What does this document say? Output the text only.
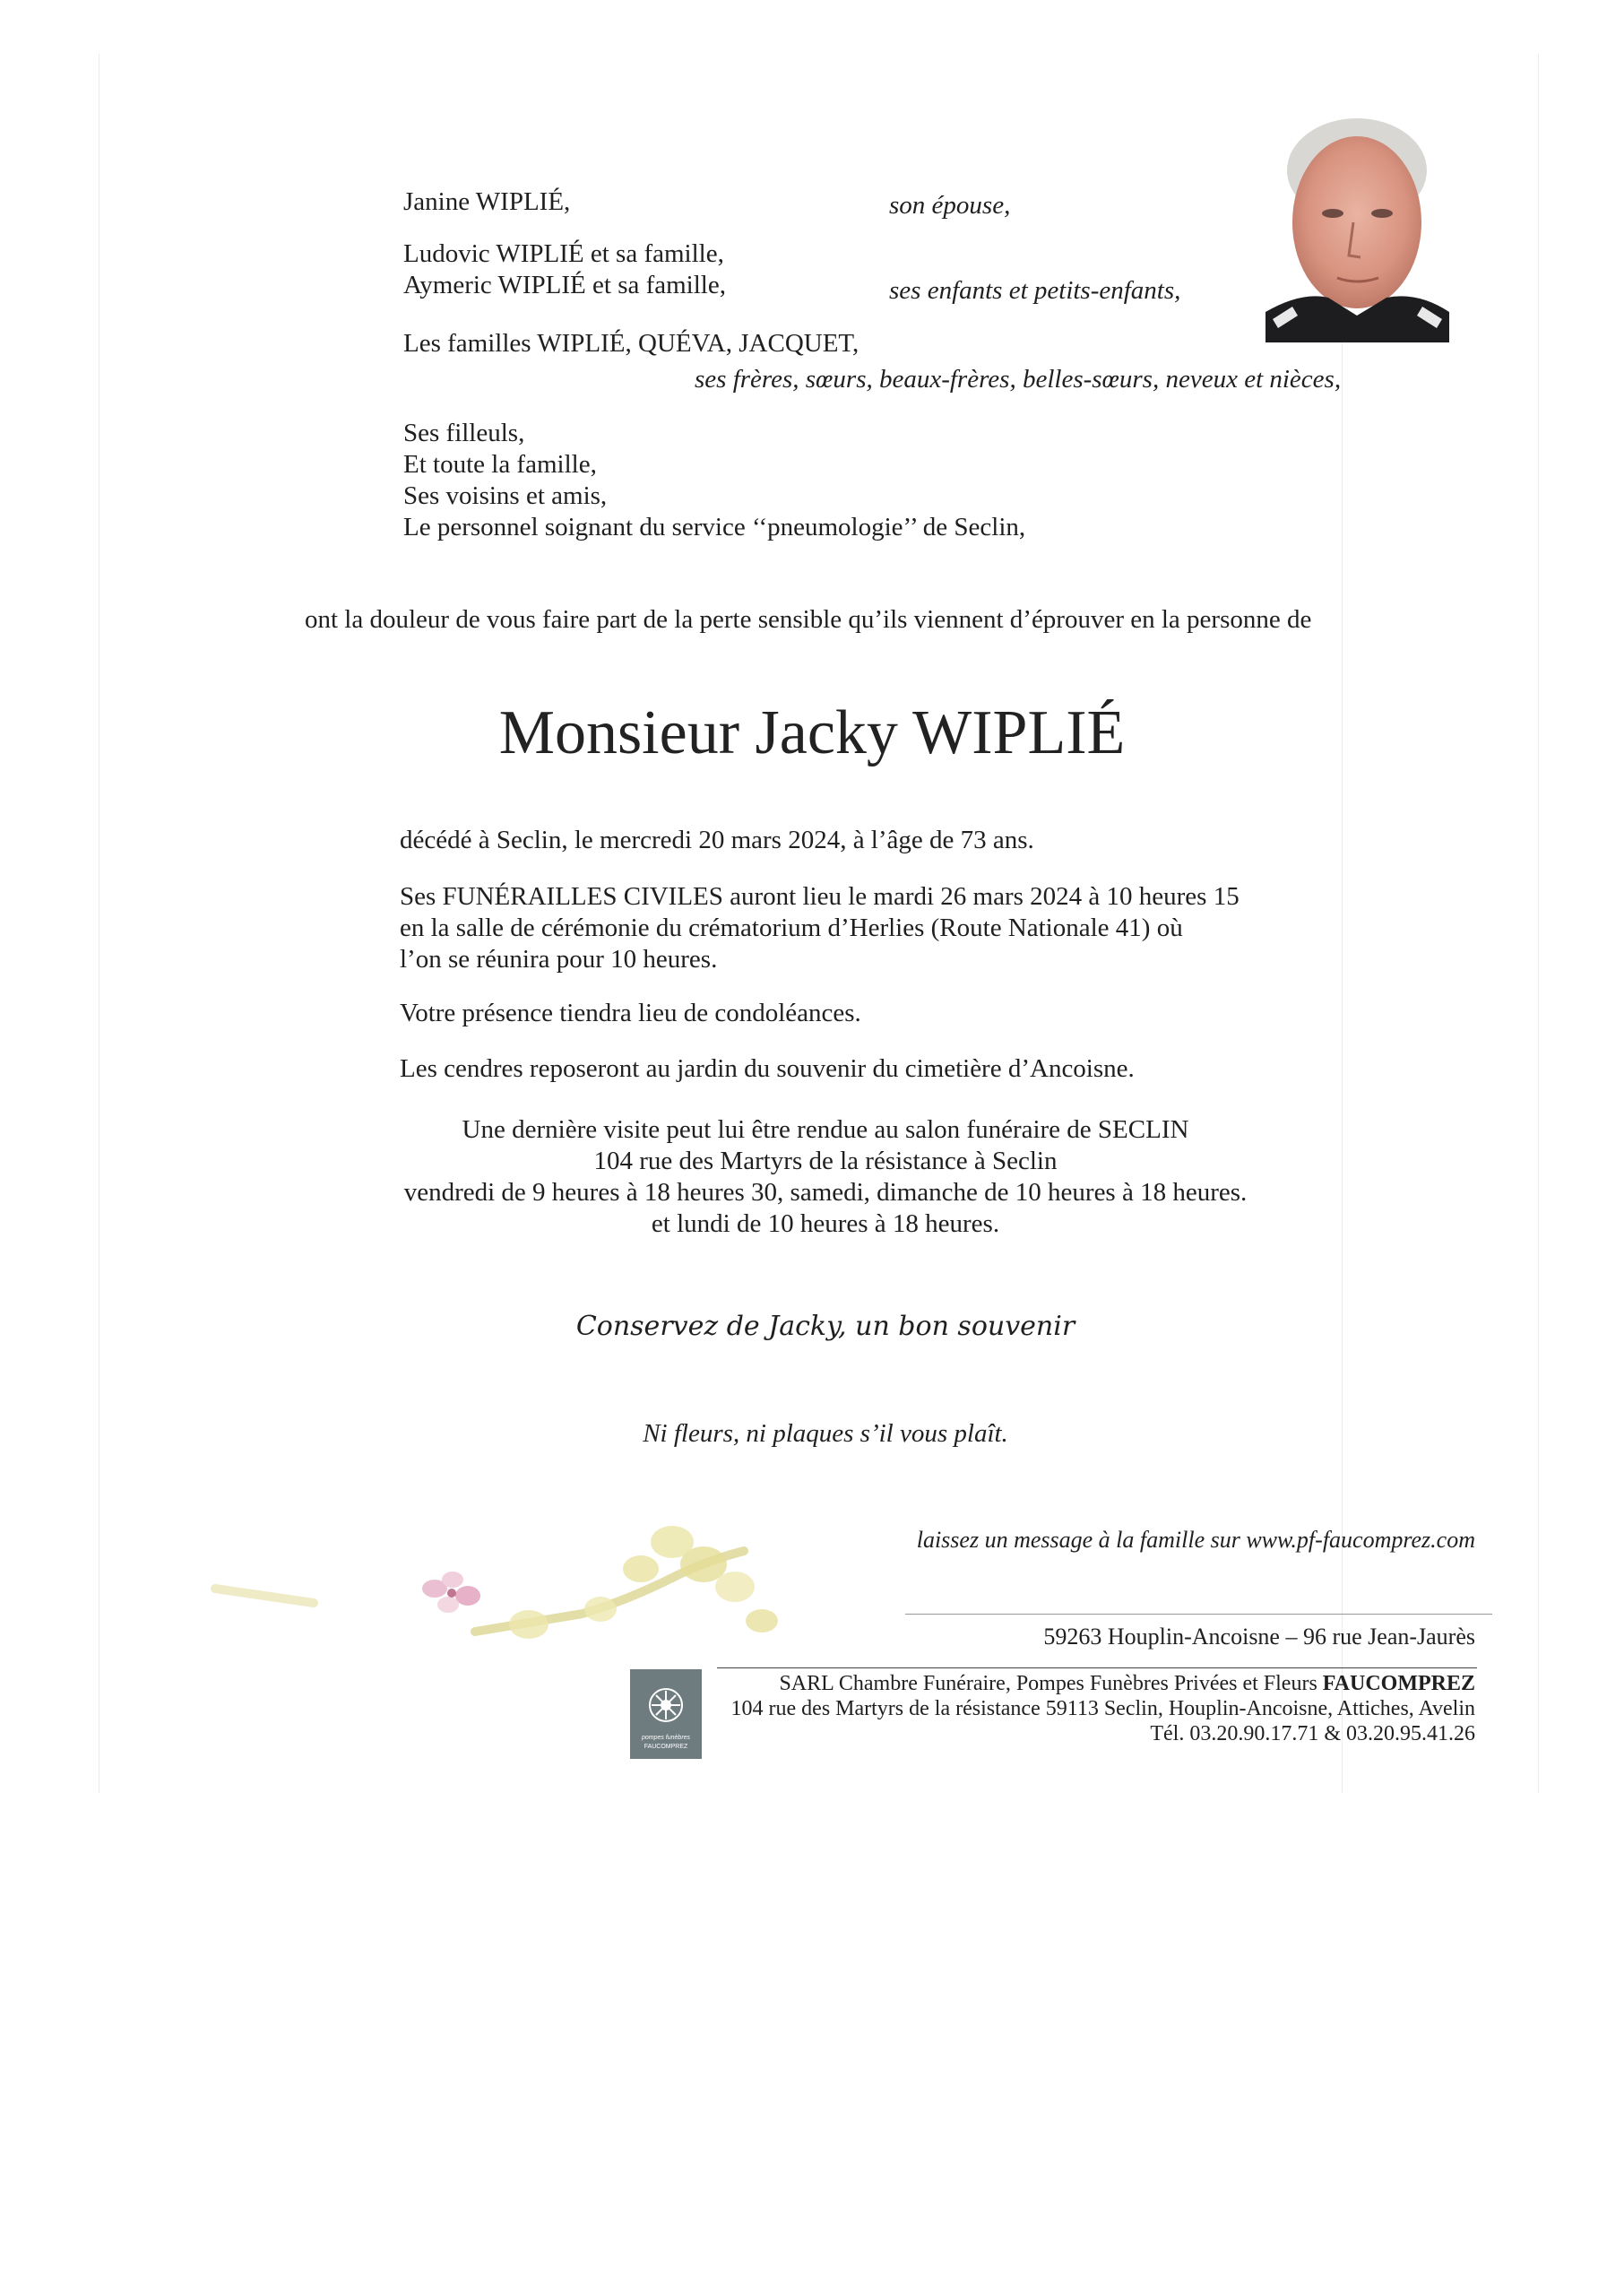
Janine WIPLIÉ,	son épouse,
Ludovic WIPLIÉ et sa famille,
Aymeric WIPLIÉ et sa famille,	ses enfants et petits-enfants,
Les familles WIPLIÉ, QUÉVA, JACQUET,
ses frères, sœurs, beaux-frères, belles-sœurs, neveux et nièces,
Ses filleuls,
Et toute la famille,
Ses voisins et amis,
Le personnel soignant du service ‘‘pneumologie’’ de Seclin,
ont la douleur de vous faire part de la perte sensible qu’ils viennent d’éprouver en la personne de
Monsieur Jacky WIPLIÉ
décédé à Seclin, le mercredi 20 mars 2024, à l’âge de 73 ans.
Ses FUNÉRAILLES CIVILES auront lieu le mardi 26 mars 2024 à 10 heures 15
en la salle de cérémonie du crématorium d’Herlies (Route Nationale 41) où
l’on se réunira pour 10 heures.
Votre présence tiendra lieu de condoléances.
Les cendres reposeront au jardin du souvenir du cimetière d’Ancoisne.
Une dernière visite peut lui être rendue au salon funéraire de SECLIN
104 rue des Martyrs de la résistance à Seclin
vendredi de 9 heures à 18 heures 30, samedi, dimanche de 10 heures à 18 heures.
et lundi de 10 heures à 18 heures.
Conservez de Jacky, un bon souvenir
Ni fleurs, ni plaques s’il vous plaît.
laissez un message à la famille sur www.pf-faucomprez.com
59263 Houplin-Ancoisne – 96 rue Jean-Jaurès
pompes funèbres
FAUCOMPREZ
SARL Chambre Funéraire, Pompes Funèbres Privées et Fleurs FAUCOMPREZ
104 rue des Martyrs de la résistance 59113 Seclin, Houplin-Ancoisne, Attiches, Avelin
Tél. 03.20.90.17.71 & 03.20.95.41.26
